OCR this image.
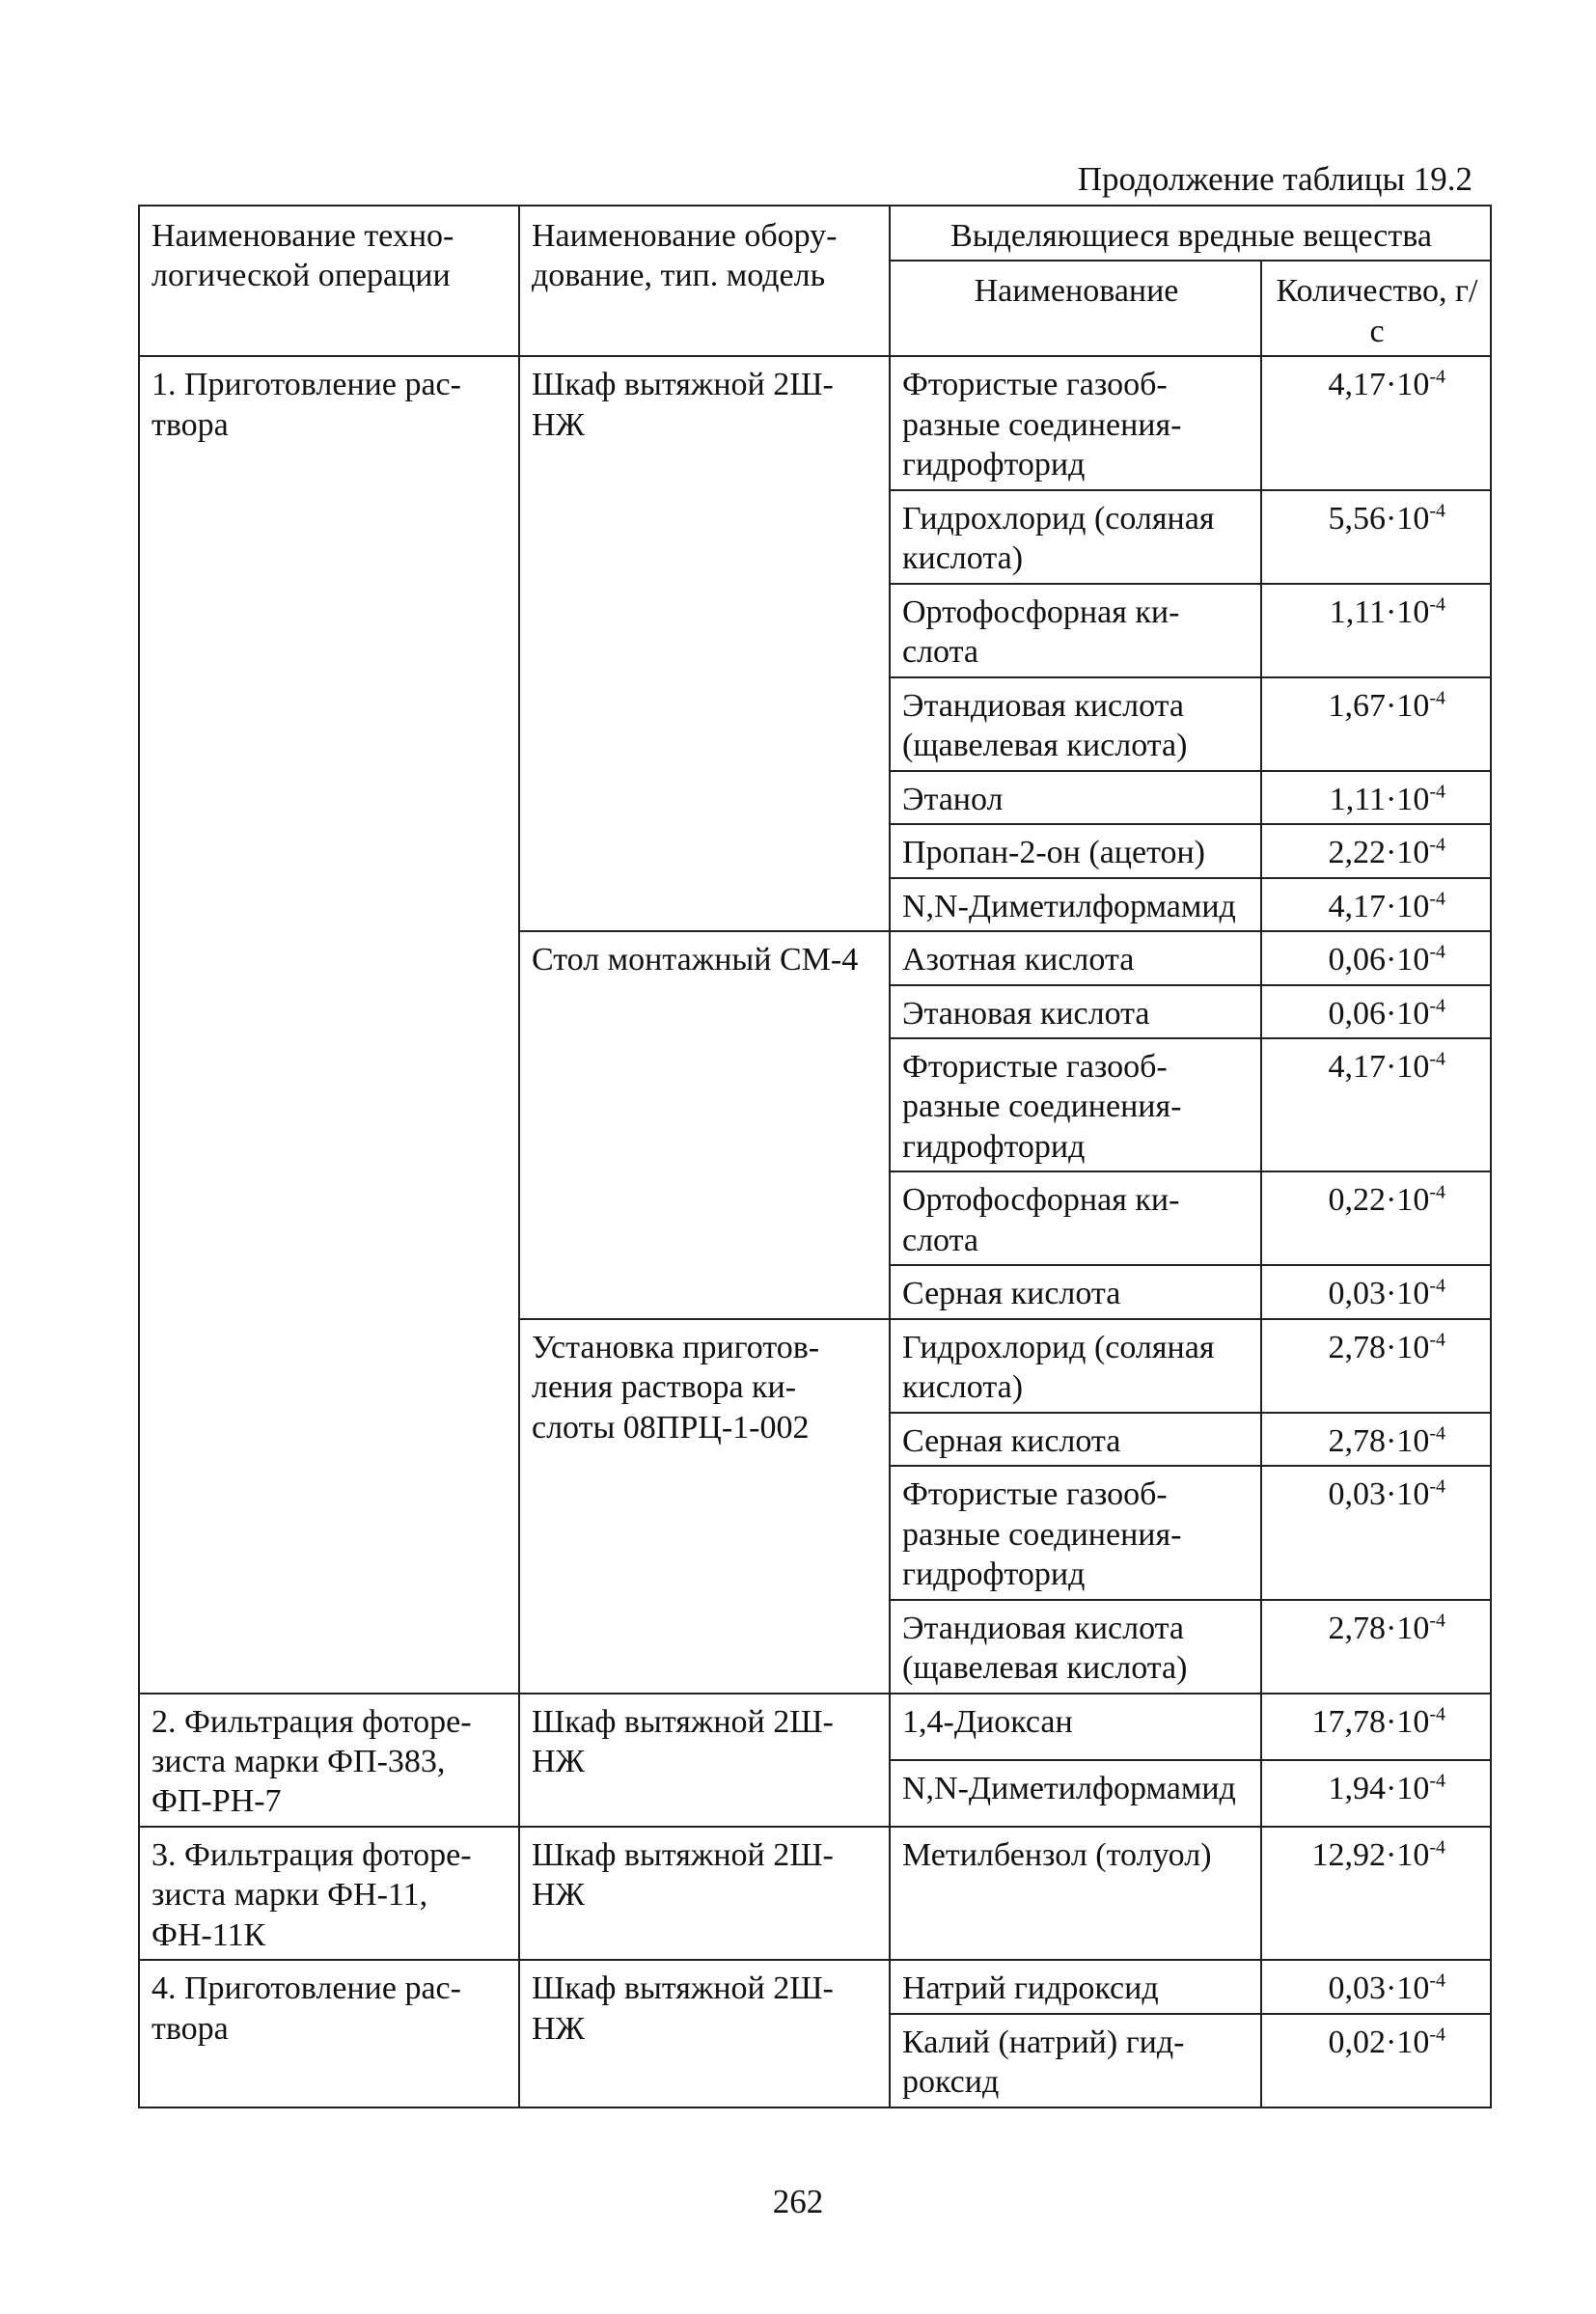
Продолжение таблицы 19.2
Наименование техно-логической операции	Наименование обору-дование, тип. модель	Выделяющиеся вредные вещества	
		Наименование	Количество, г/с
1. Приготовление рас-твора	Шкаф вытяжной 2Ш-НЖ	Фтористые газооб-разные соединения-гидрофторид	$4,17\cdot 10^{-4}$
		Гидрохлорид (соляная кислота)	$5,56\cdot 10^{-4}$
		Ортофосфорная ки-слота	$1,11\cdot 10^{-4}$
		Этандиовая кислота (щавелевая кислота)	$1,67\cdot 10^{-4}$
		Этанол	$1,11\cdot 10^{-4}$
		Пропан-2-он (ацетон)	$2,22\cdot 10^{-4}$
		N,N-Диметилформамид	$4,17\cdot 10^{-4}$
	Стол монтажный СМ-4	Азотная кислота	$0,06\cdot 10^{-4}$
		Этановая кислота	$0,06\cdot 10^{-4}$
		Фтористые газооб-разные соединения-гидрофторид	$4,17\cdot 10^{-4}$
		Ортофосфорная ки-слота	$0,22\cdot 10^{-4}$
		Серная кислота	$0,03\cdot 10^{-4}$
	Установка приготов-ления раствора ки-слоты 08ПРЦ-1-002	Гидрохлорид (соляная кислота)	$2,78\cdot 10^{-4}$
		Серная кислота	$2,78\cdot 10^{-4}$
		Фтористые газооб-разные соединения-гидрофторид	$0,03\cdot 10^{-4}$
		Этандиовая кислота (щавелевая кислота)	$2,78\cdot 10^{-4}$
2. Фильтрация фоторе-зиста марки ФП-383, ФП-РН-7	Шкаф вытяжной 2Ш-НЖ	1,4-Диоксан	$17,78\cdot 10^{-4}$
		N,N-Диметилформамид	$1,94\cdot 10^{-4}$
3. Фильтрация фоторе-зиста марки ФН-11, ФН-11К	Шкаф вытяжной 2Ш-НЖ	Метилбензол (толуол)	$12,92\cdot 10^{-4}$
4. Приготовление рас-твора	Шкаф вытяжной 2Ш-НЖ	Натрий гидроксид	$0,03\cdot 10^{-4}$
		Калий (натрий) гид-роксид	$0,02\cdot 10^{-4}$
262
